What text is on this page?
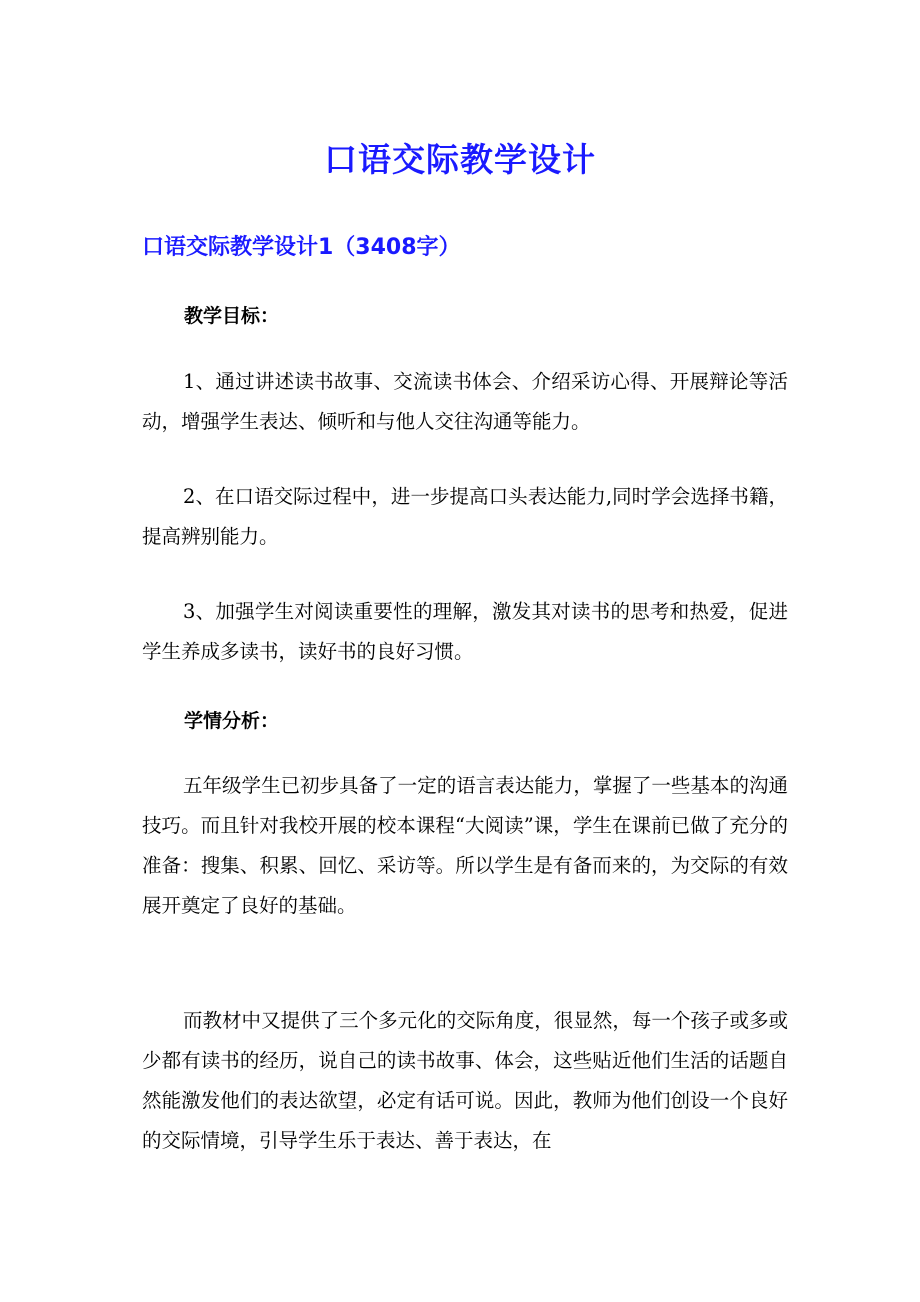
口语交际教学设计
口语交际教学设计1（3408字）
教学目标：

1、通过讲述读书故事、交流读书体会、介绍采访心得、开展辩论等活动，增强学生表达、倾听和与他人交往沟通等能力。

2、在口语交际过程中，进一步提高口头表达能力,同时学会选择书籍，提高辨别能力。

3、加强学生对阅读重要性的理解，激发其对读书的思考和热爱，促进学生养成多读书，读好书的良好习惯。

学情分析：

五年级学生已初步具备了一定的语言表达能力，掌握了一些基本的沟通技巧。而且针对我校开展的校本课程“大阅读”课，学生在课前已做了充分的准备：搜集、积累、回忆、采访等。所以学生是有备而来的，为交际的有效展开奠定了良好的基础。

而教材中又提供了三个多元化的交际角度，很显然，每一个孩子或多或少都有读书的经历，说自己的读书故事、体会，这些贴近他们生活的话题自然能激发他们的表达欲望，必定有话可说。因此，教师为他们创设一个良好的交际情境，引导学生乐于表达、善于表达，在
